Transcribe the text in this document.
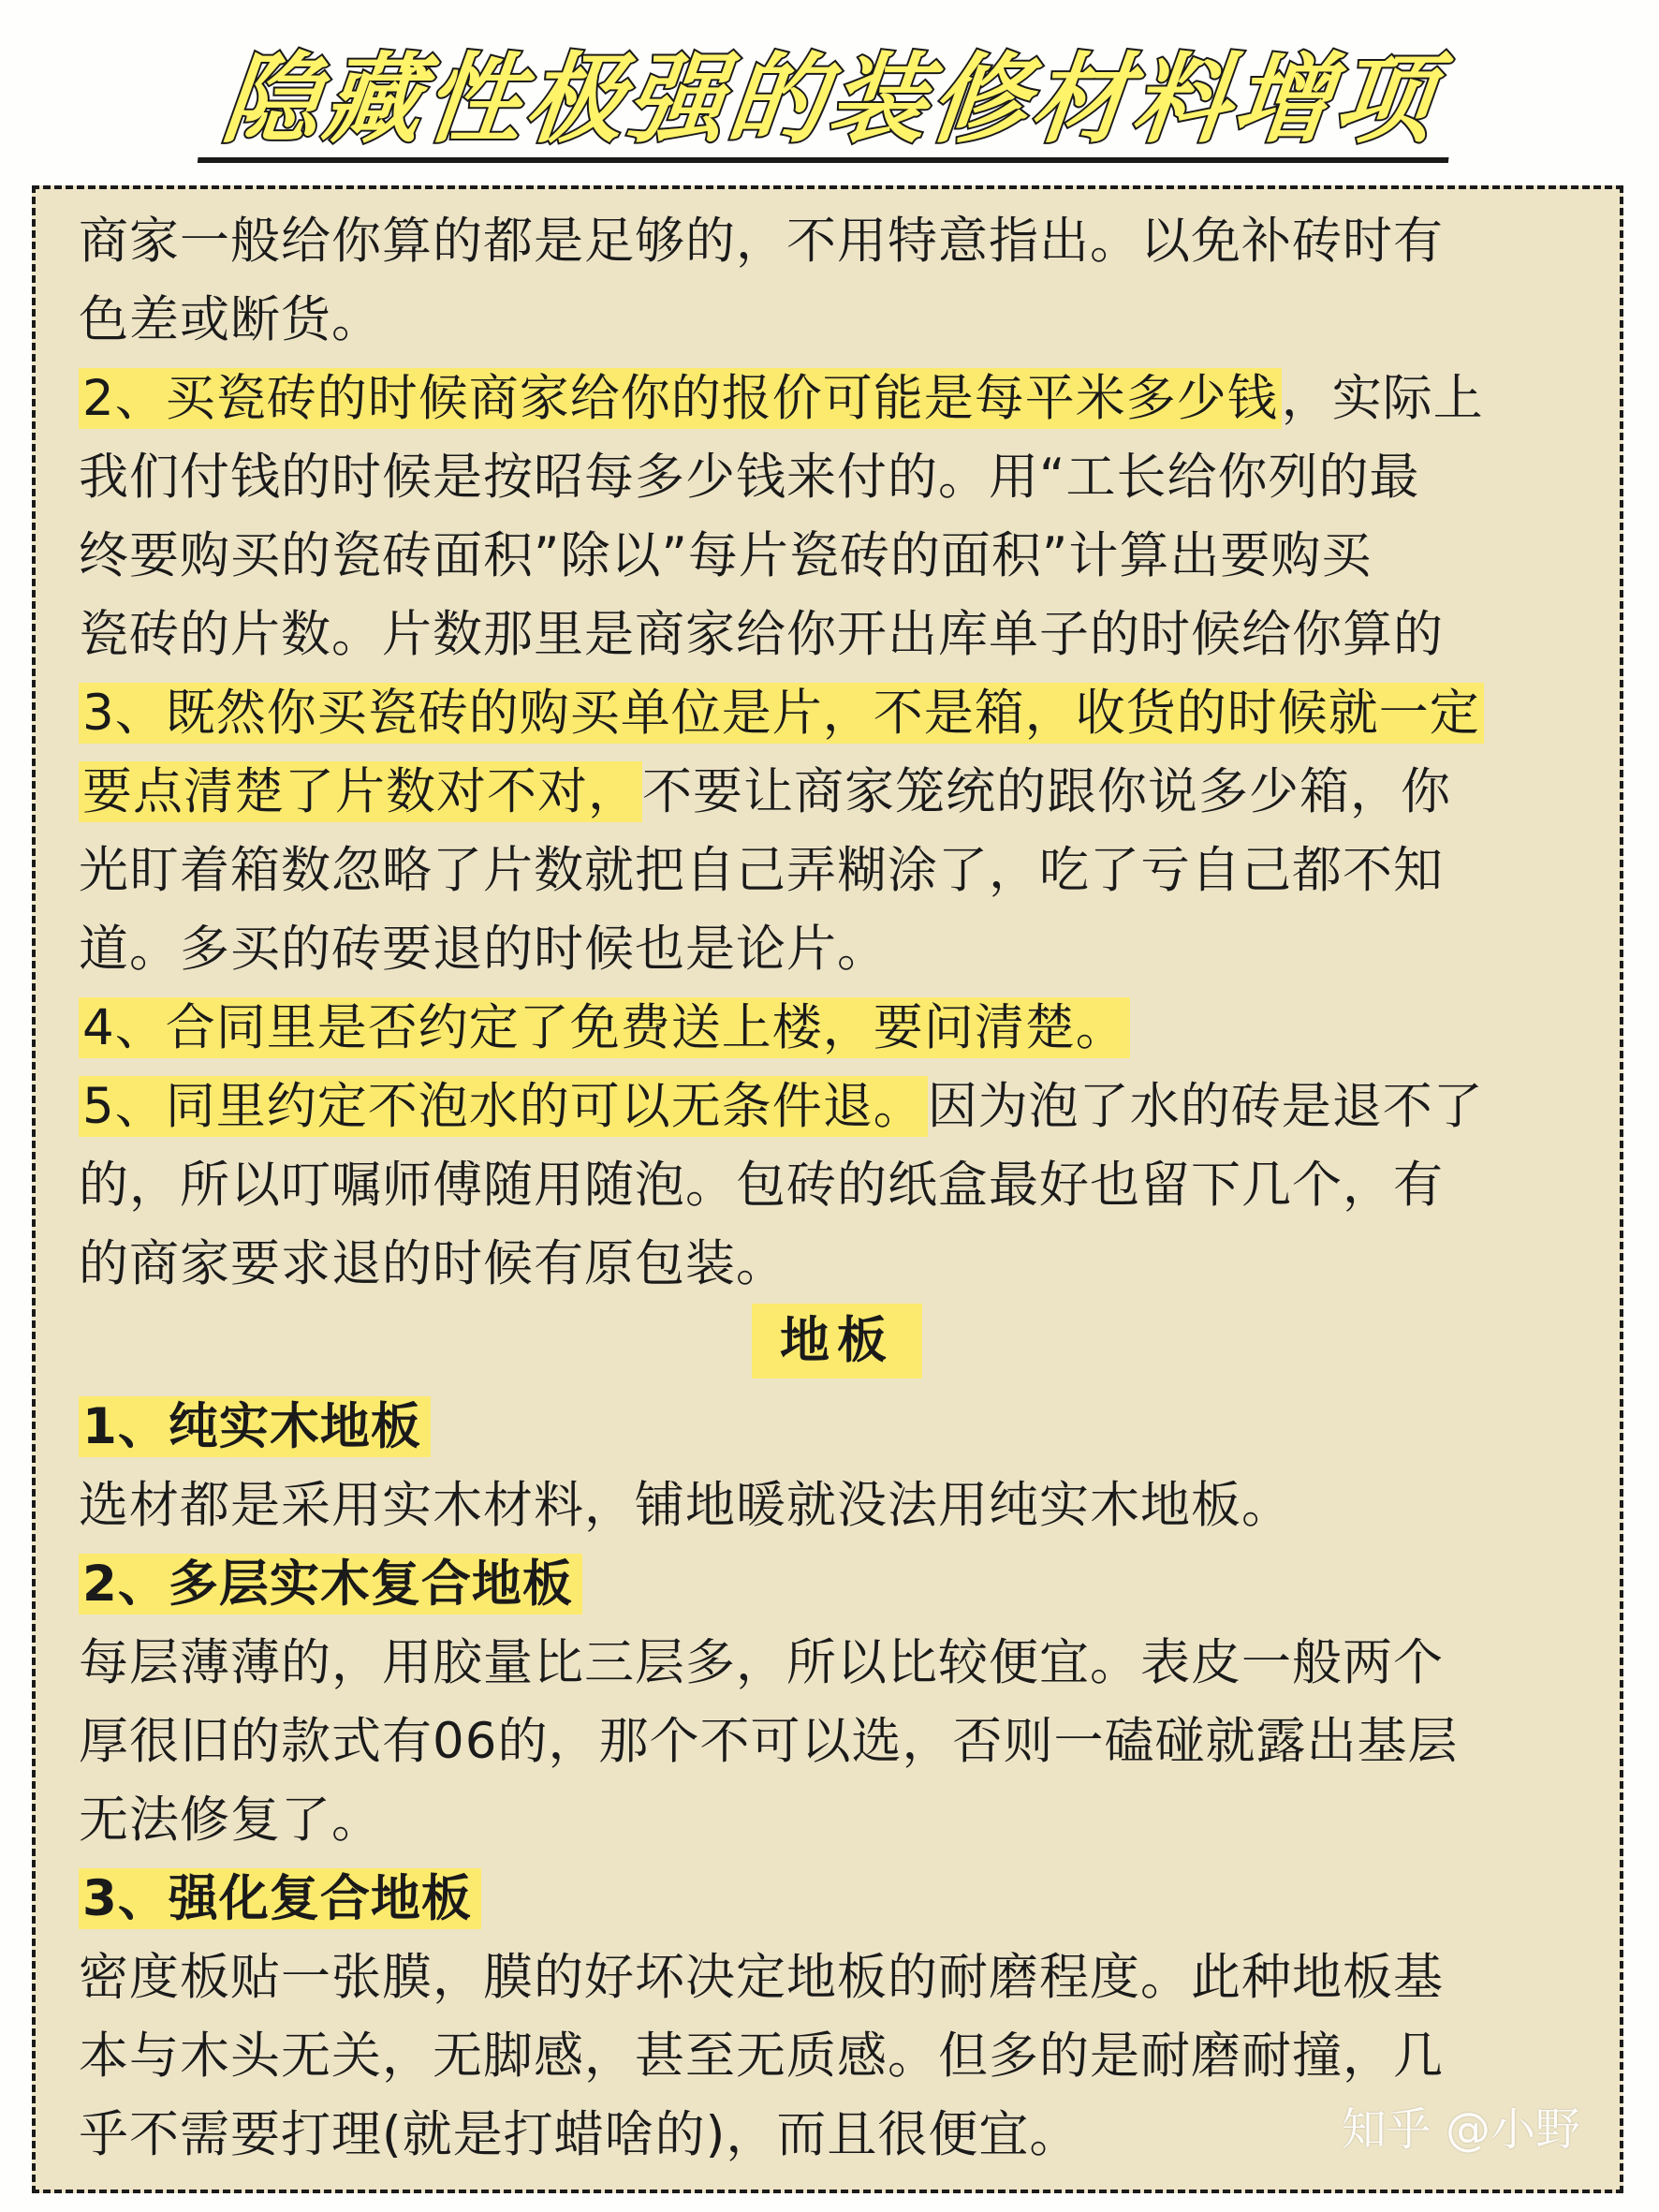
隐藏性极强的装修材料增项
商家一般给你算的都是足够的，不用特意指出。以免补砖时有
色差或断货。
2、买瓷砖的时候商家给你的报价可能是每平米多少钱，实际上
我们付钱的时候是按昭每多少钱来付的。用“工长给你列的最
终要购买的瓷砖面积”除以”每片瓷砖的面积”计算出要购买
瓷砖的片数。片数那里是商家给你开出库单子的时候给你算的
3、既然你买瓷砖的购买单位是片，不是箱，收货的时候就一定
要点清楚了片数对不对，不要让商家笼统的跟你说多少箱，你
光盯着箱数忽略了片数就把自己弄糊涂了，吃了亏自己都不知
道。多买的砖要退的时候也是论片。
4、合同里是否约定了免费送上楼，要问清楚。
5、同里约定不泡水的可以无条件退。因为泡了水的砖是退不了
的，所以叮嘱师傅随用随泡。包砖的纸盒最好也留下几个，有
的商家要求退的时候有原包装。
地板
1、纯实木地板
选材都是采用实木材料，铺地暖就没法用纯实木地板。
2、多层实木复合地板
每层薄薄的，用胶量比三层多，所以比较便宜。表皮一般两个
厚很旧的款式有06的，那个不可以选，否则一磕碰就露出基层
无法修复了。
3、强化复合地板
密度板贴一张膜，膜的好坏决定地板的耐磨程度。此种地板基
本与木头无关，无脚感，甚至无质感。但多的是耐磨耐撞，几
乎不需要打理(就是打蜡啥的)，而且很便宜。	知乎 @小野
